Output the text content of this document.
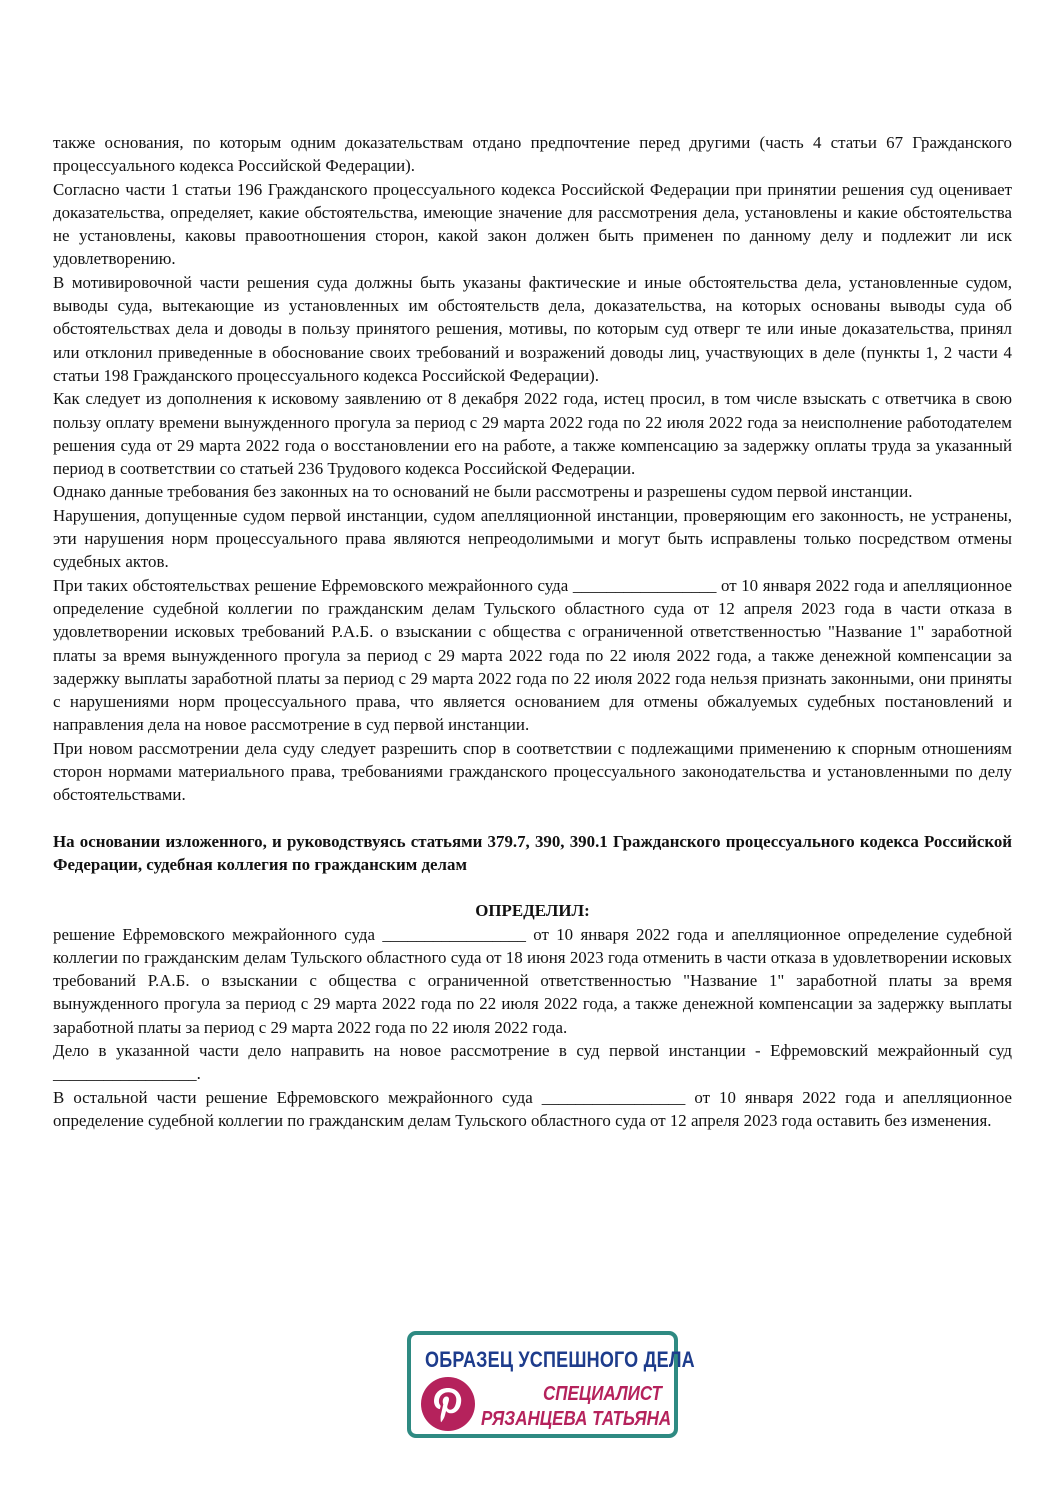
также основания, по которым одним доказательствам отдано предпочтение перед другими (часть 4 статьи 67 Гражданского процессуального кодекса Российской Федерации).

Согласно части 1 статьи 196 Гражданского процессуального кодекса Российской Федерации при принятии решения суд оценивает доказательства, определяет, какие обстоятельства, имеющие значение для рассмотрения дела, установлены и какие обстоятельства не установлены, каковы правоотношения сторон, какой закон должен быть применен по данному делу и подлежит ли иск удовлетворению.

В мотивировочной части решения суда должны быть указаны фактические и иные обстоятельства дела, установленные судом, выводы суда, вытекающие из установленных им обстоятельств дела, доказательства, на которых основаны выводы суда об обстоятельствах дела и доводы в пользу принятого решения, мотивы, по которым суд отверг те или иные доказательства, принял или отклонил приведенные в обоснование своих требований и возражений доводы лиц, участвующих в деле (пункты 1, 2 части 4 статьи 198 Гражданского процессуального кодекса Российской Федерации).

Как следует из дополнения к исковому заявлению от 8 декабря 2022 года, истец просил, в том числе взыскать с ответчика в свою пользу оплату времени вынужденного прогула за период с 29 марта 2022 года по 22 июля 2022 года за неисполнение работодателем решения суда от 29 марта 2022 года о восстановлении его на работе, а также компенсацию за задержку оплаты труда за указанный период в соответствии со статьей 236 Трудового кодекса Российской Федерации.

Однако данные требования без законных на то оснований не были рассмотрены и разрешены судом первой инстанции.

Нарушения, допущенные судом первой инстанции, судом апелляционной инстанции, проверяющим его законность, не устранены, эти нарушения норм процессуального права являются непреодолимыми и могут быть исправлены только посредством отмены судебных актов.

При таких обстоятельствах решение Ефремовского межрайонного суда _________________ от 10 января 2022 года и апелляционное определение судебной коллегии по гражданским делам Тульского областного суда от 12 апреля 2023 года в части отказа в удовлетворении исковых требований Р.А.Б. о взыскании с общества с ограниченной ответственностью "Название 1" заработной платы за время вынужденного прогула за период с 29 марта 2022 года по 22 июля 2022 года, а также денежной компенсации за задержку выплаты заработной платы за период с 29 марта 2022 года по 22 июля 2022 года нельзя признать законными, они приняты с нарушениями норм процессуального права, что является основанием для отмены обжалуемых судебных постановлений и направления дела на новое рассмотрение в суд первой инстанции.

При новом рассмотрении дела суду следует разрешить спор в соответствии с подлежащими применению к спорным отношениям сторон нормами материального права, требованиями гражданского процессуального законодательства и установленными по делу обстоятельствами.

На основании изложенного, и руководствуясь статьями 379.7, 390, 390.1 Гражданского процессуального кодекса Российской Федерации, судебная коллегия по гражданским делам

ОПРЕДЕЛИЛ:

решение Ефремовского межрайонного суда _________________ от 10 января 2022 года и апелляционное определение судебной коллегии по гражданским делам Тульского областного суда от 18 июня 2023 года отменить в части отказа в удовлетворении исковых требований Р.А.Б. о взыскании с общества с ограниченной ответственностью "Название 1" заработной платы за время вынужденного прогула за период с 29 марта 2022 года по 22 июля 2022 года, а также денежной компенсации за задержку выплаты заработной платы за период с 29 марта 2022 года по 22 июля 2022 года.

Дело в указанной части дело направить на новое рассмотрение в суд первой инстанции - Ефремовский межрайонный суд _________________.

В остальной части решение Ефремовского межрайонного суда _________________ от 10 января 2022 года и апелляционное определение судебной коллегии по гражданским делам Тульского областного суда от 12 апреля 2023 года оставить без изменения.

ОБРАЗЕЦ УСПЕШНОГО ДЕЛА
СПЕЦИАЛИСТ
РЯЗАНЦЕВА ТАТЬЯНА
